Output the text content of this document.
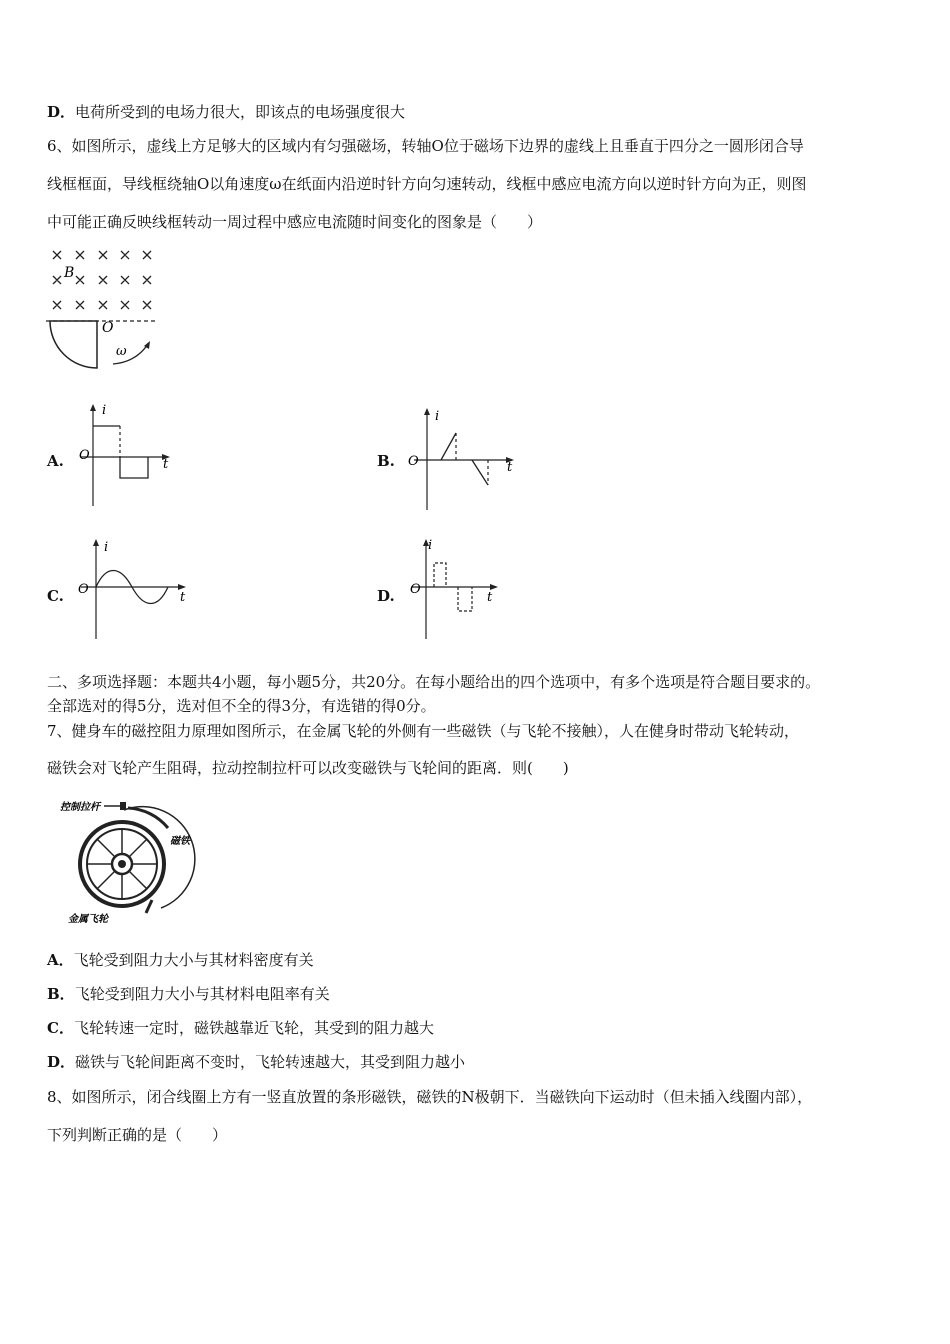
D．电荷所受到的电场力很大，即该点的电场强度很大
6、如图所示，虚线上方足够大的区域内有匀强磁场，转轴O位于磁场下边界的虚线上且垂直于四分之一圆形闭合导
线框框面，导线框绕轴O以角速度ω在纸面内沿逆时针方向匀速转动，线框中感应电流方向以逆时针方向为正，则图
中可能正确反映线框转动一周过程中感应电流随时间变化的图象是（　　）
B
O
ω
A.
i
t
O	B.
i
t
O
C.
i
t
O	D.
i
t
O
二、多项选择题：本题共4小题，每小题5分，共20分。在每小题给出的四个选项中，有多个选项是符合题目要求的。
全部选对的得5分，选对但不全的得3分，有选错的得0分。
7、健身车的磁控阻力原理如图所示，在金属飞轮的外侧有一些磁铁（与飞轮不接触），人在健身时带动飞轮转动，
磁铁会对飞轮产生阻碍，拉动控制拉杆可以改变磁铁与飞轮间的距离．则(　　)
控制拉杆
磁铁
金属飞轮
A．飞轮受到阻力大小与其材料密度有关
B．飞轮受到阻力大小与其材料电阻率有关
C．飞轮转速一定时，磁铁越靠近飞轮，其受到的阻力越大
D．磁铁与飞轮间距离不变时，飞轮转速越大，其受到阻力越小
8、如图所示，闭合线圈上方有一竖直放置的条形磁铁，磁铁的N极朝下．当磁铁向下运动时（但未插入线圈内部），
下列判断正确的是（　　）
